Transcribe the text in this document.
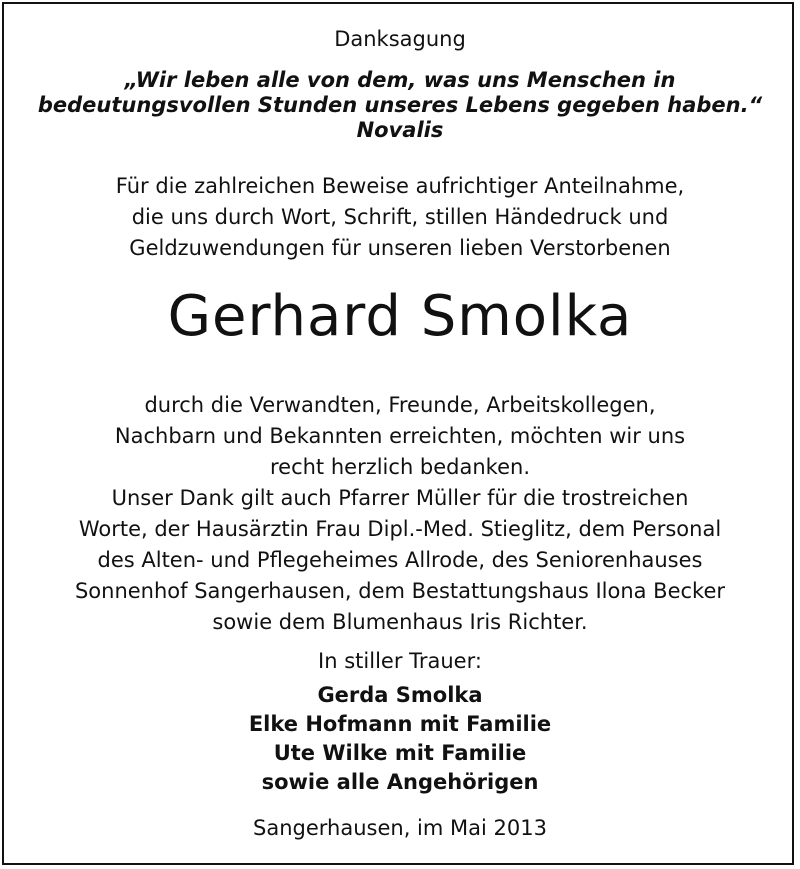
Danksagung
„Wir leben alle von dem, was uns Menschen in
bedeutungsvollen Stunden unseres Lebens gegeben haben.“
Novalis
Für die zahlreichen Beweise aufrichtiger Anteilnahme,
die uns durch Wort, Schrift, stillen Händedruck und
Geldzuwendungen für unseren lieben Verstorbenen
Gerhard Smolka
durch die Verwandten, Freunde, Arbeitskollegen,
Nachbarn und Bekannten erreichten, möchten wir uns
recht herzlich bedanken.
Unser Dank gilt auch Pfarrer Müller für die trostreichen
Worte, der Hausärztin Frau Dipl.-Med. Stieglitz, dem Personal
des Alten- und Pflegeheimes Allrode, des Seniorenhauses
Sonnenhof Sangerhausen, dem Bestattungshaus Ilona Becker
sowie dem Blumenhaus Iris Richter.
In stiller Trauer:
Gerda Smolka
Elke Hofmann mit Familie
Ute Wilke mit Familie
sowie alle Angehörigen
Sangerhausen, im Mai 2013
